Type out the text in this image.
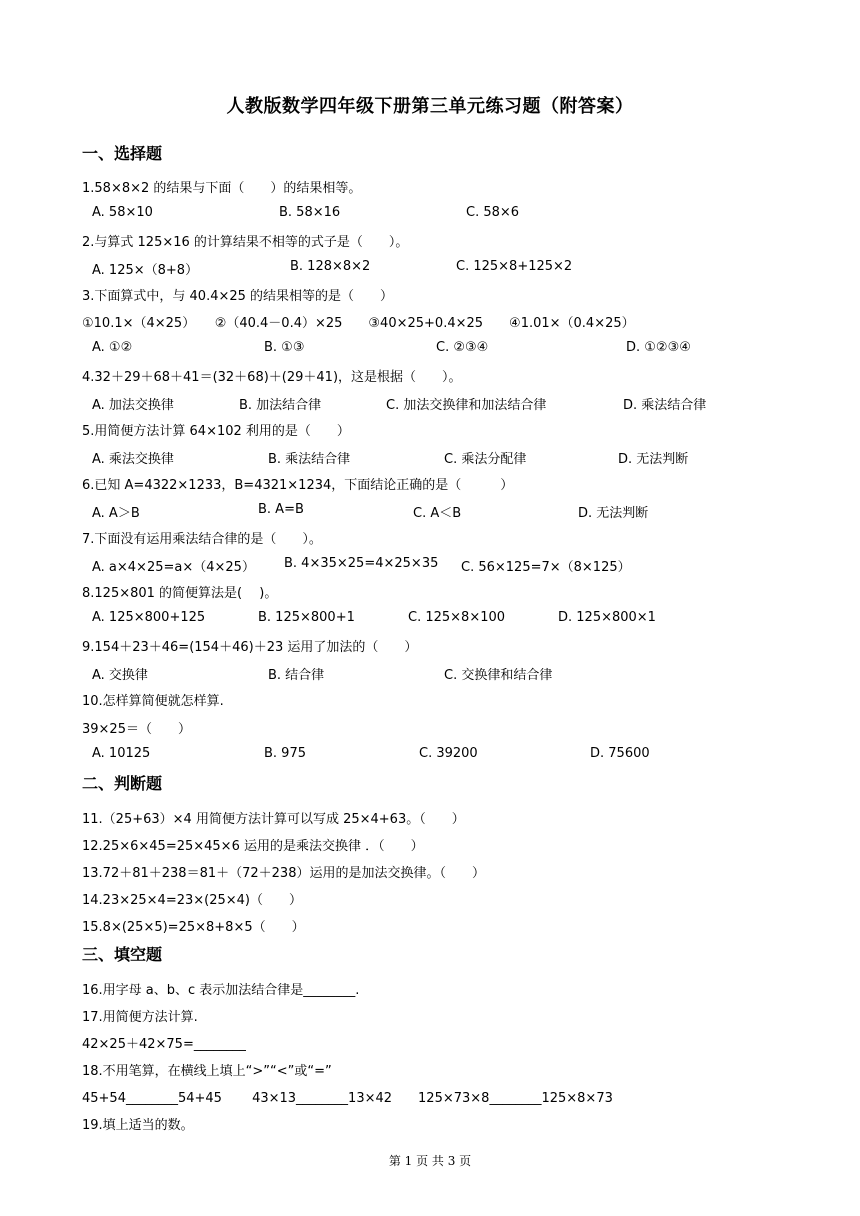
人教版数学四年级下册第三单元练习题（附答案）
一、选择题
1.58×8×2 的结果与下面（　　）的结果相等。
A. 58×10	B. 58×16	C. 58×6
2.与算式 125×16 的计算结果不相等的式子是（　　）。
A. 125×（8+8）	B. 128×8×2	C. 125×8+125×2
3.下面算式中，与 40.4×25 的结果相等的是（　　）
①10.1×（4×25）　　②（40.4－0.4）×25　　③40×25+0.4×25　　④1.01×（0.4×25）
A. ①②	B. ①③	C. ②③④	D. ①②③④
4.32＋29＋68＋41＝(32＋68)＋(29＋41)，这是根据（　　）。
A. 加法交换律	B. 加法结合律	C. 加法交换律和加法结合律	D. 乘法结合律
5.用简便方法计算 64×102 利用的是（　　）
A. 乘法交换律	B. 乘法结合律	C. 乘法分配律	D. 无法判断
6.已知 A=4322×1233，B=4321×1234，下面结论正确的是（　　　）
A. A＞B	B. A=B	C. A＜B	D. 无法判断
7.下面没有运用乘法结合律的是（　　）。
A. a×4×25=a×（4×25） B. 4×35×25=4×25×35 C. 56×125=7×（8×125）
8.125×801 的简便算法是(　 )。
A. 125×800+125	B. 125×800+1	C. 125×8×100	D. 125×800×1
9.154＋23＋46=(154＋46)＋23 运用了加法的（　　）
A. 交换律	B. 结合律	C. 交换律和结合律
10.怎样算简便就怎样算.
39×25＝（　　）
A. 10125	B. 975	C. 39200	D. 75600
二、判断题
11.（25+63）×4 用简便方法计算可以写成 25×4+63。（　　）
12.25×6×45=25×45×6 运用的是乘法交换律 ．（　　）
13.72＋81＋238＝81＋（72＋238）运用的是加法交换律。（　　）
14.23×25×4=23×(25×4)（　　）
15.8×(25×5)=25×8+8×5（　　）
三、填空题
16.用字母 a、b、c 表示加法结合律是________.
17.用简便方法计算.
42×25＋42×75=________
18.不用笔算，在横线上填上“>”“<”或“=”
45+54________54+45　　 43×13________13×42　　125×73×8________125×8×73
19.填上适当的数。
第 1 页 共 3 页
